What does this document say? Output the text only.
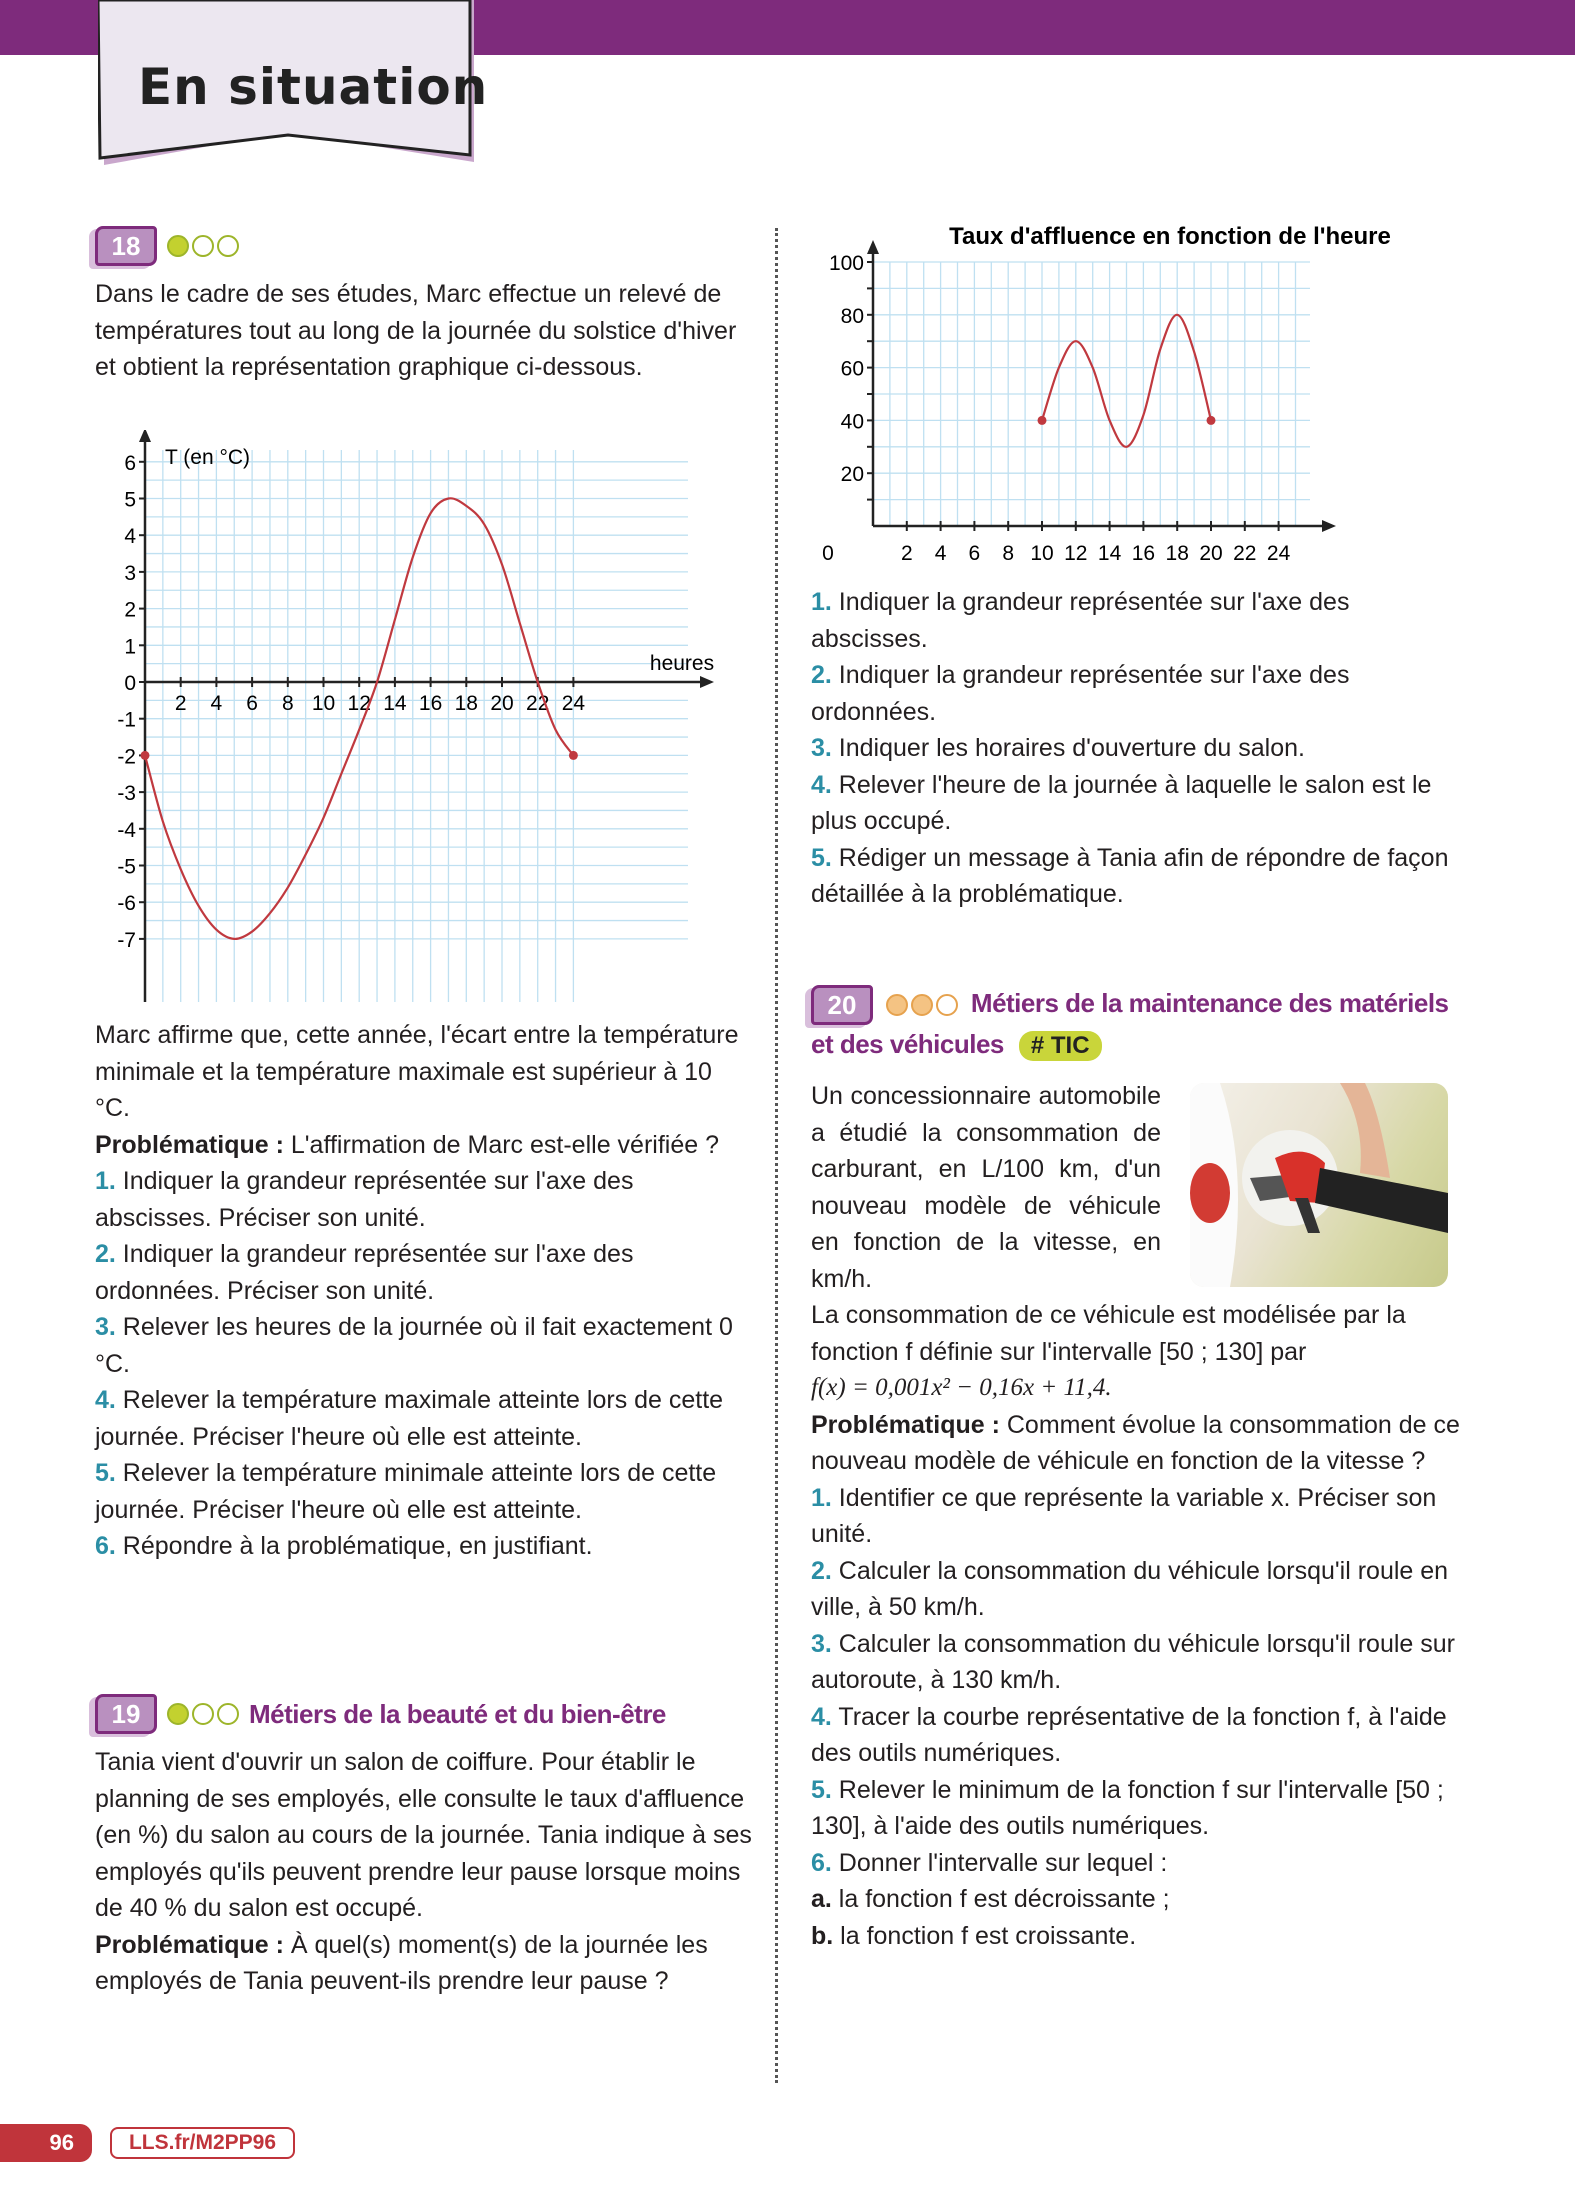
En situation
18

Dans le cadre de ses études, Marc effectue un relevé de températures tout au long de la journée du solstice d'hiver et obtient la représentation graphique ci-dessous.

2 4 6 8 10 12 14 16 18 20 22 24
-7
-6
-5
-4
-3
-2
-1
0
1
2
3
4
5
6 T (en °C)
heures

Marc affirme que, cette année, l'écart entre la température minimale et la température maximale est supérieur à 10 °C.

Problématique : L'affirmation de Marc est-elle vérifiée ?

1. Indiquer la grandeur représentée sur l'axe des abscisses. Préciser son unité.

2. Indiquer la grandeur représentée sur l'axe des ordonnées. Préciser son unité.

3. Relever les heures de la journée où il fait exactement 0 °C.

4. Relever la température maximale atteinte lors de cette journée. Préciser l'heure où elle est atteinte.

5. Relever la température minimale atteinte lors de cette journée. Préciser l'heure où elle est atteinte.

6. Répondre à la problématique, en justifiant.

19	Métiers de la beauté et du bien-être

Tania vient d'ouvrir un salon de coiffure. Pour établir le planning de ses employés, elle consulte le taux d'affluence (en %) du salon au cours de la journée. Tania indique à ses employés qu'ils peuvent prendre leur pause lorsque moins de 40 % du salon est occupé.

Problématique : À quel(s) moment(s) de la journée les employés de Tania peuvent-ils prendre leur pause ?

0	2 4 6 8 10 12 14 16 18 20 22 24
20
40
60
80
100
Taux d'affluence en fonction de l'heure

1. Indiquer la grandeur représentée sur l'axe des abscisses.

2. Indiquer la grandeur représentée sur l'axe des ordonnées.

3. Indiquer les horaires d'ouverture du salon.

4. Relever l'heure de la journée à laquelle le salon est le plus occupé.

5. Rédiger un message à Tania afin de répondre de façon détaillée à la problématique.

20	Métiers de la maintenance des matériels et des véhicules # TIC

Un concessionnaire automobile a étudié la consommation de carburant, en L/100 km, d'un nouveau modèle de véhicule en fonction de la vitesse, en km/h.

La consommation de ce véhicule est modélisée par la fonction f définie sur l'intervalle [50 ; 130] par

f(x) = 0,001x² − 0,16x + 11,4.

Problématique : Comment évolue la consommation de ce nouveau modèle de véhicule en fonction de la vitesse ?

1. Identifier ce que représente la variable x. Préciser son unité.

2. Calculer la consommation du véhicule lorsqu'il roule en ville, à 50 km/h.

3. Calculer la consommation du véhicule lorsqu'il roule sur autoroute, à 130 km/h.

4. Tracer la courbe représentative de la fonction f, à l'aide des outils numériques.

5. Relever le minimum de la fonction f sur l'intervalle [50 ; 130], à l'aide des outils numériques.

6. Donner l'intervalle sur lequel :

a. la fonction f est décroissante ;

b. la fonction f est croissante.

96	LLS.fr/M2PP96
